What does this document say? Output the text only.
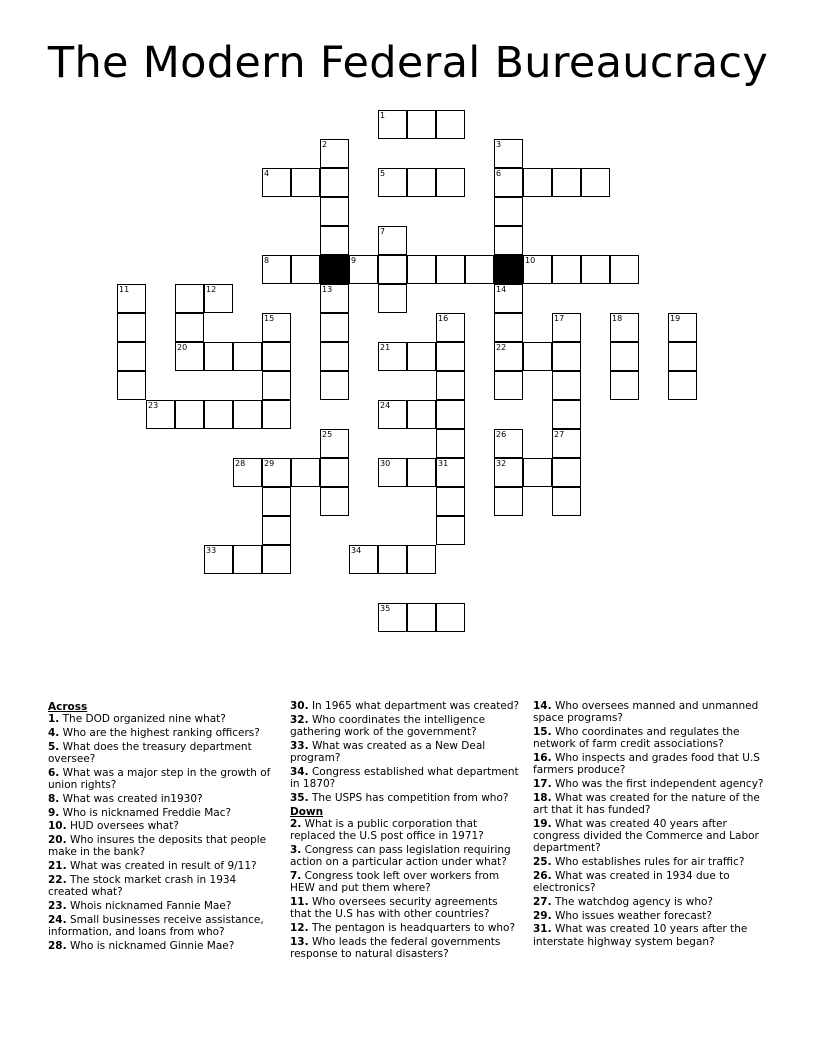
The Modern Federal Bureaucracy
1
2	3
6
4	5
7
8	9	10
11
20
13	14
22
15	16	17	18	19
21
23	24
25	26
32
27
28 29	30	31
33	34
35
12
Across
1. The DOD organized nine what?
4. Who are the highest ranking officers?
5. What does the treasury department oversee?
6. What was a major step in the growth of union rights?
8. What was created in1930?
9. Who is nicknamed Freddie Mac?
10. HUD oversees what?
20. Who insures the deposits that people make in the bank?
21. What was created in result of 9/11?
22. The stock market crash in 1934 created what?
23. Whois nicknamed Fannie Mae?
24. Small businesses receive assistance, information, and loans from who?
28. Who is nicknamed Ginnie Mae?
30. In 1965 what department was created?
32. Who coordinates the intelligence gathering work of the government?
33. What was created as a New Deal program?
34. Congress established what department in 1870?
35. The USPS has competition from who?
Down
2. What is a public corporation that replaced the U.S post office in 1971?
3. Congress can pass legislation requiring action on a particular action under what?
7. Congress took left over workers from HEW and put them where?
11. Who oversees security agreements that the U.S has with other countries?
12. The pentagon is headquarters to who?
13. Who leads the federal governments response to natural disasters?
14. Who oversees manned and unmanned space programs?
15. Who coordinates and regulates the network of farm credit associations?
16. Who inspects and grades food that U.S farmers produce?
17. Who was the first independent agency?
18. What was created for the nature of the art that it has funded?
19. What was created 40 years after congress divided the Commerce and Labor department?
25. Who establishes rules for air traffic?
26. What was created in 1934 due to electronics?
27. The watchdog agency is who?
29. Who issues weather forecast?
31. What was created 10 years after the interstate highway system began?
